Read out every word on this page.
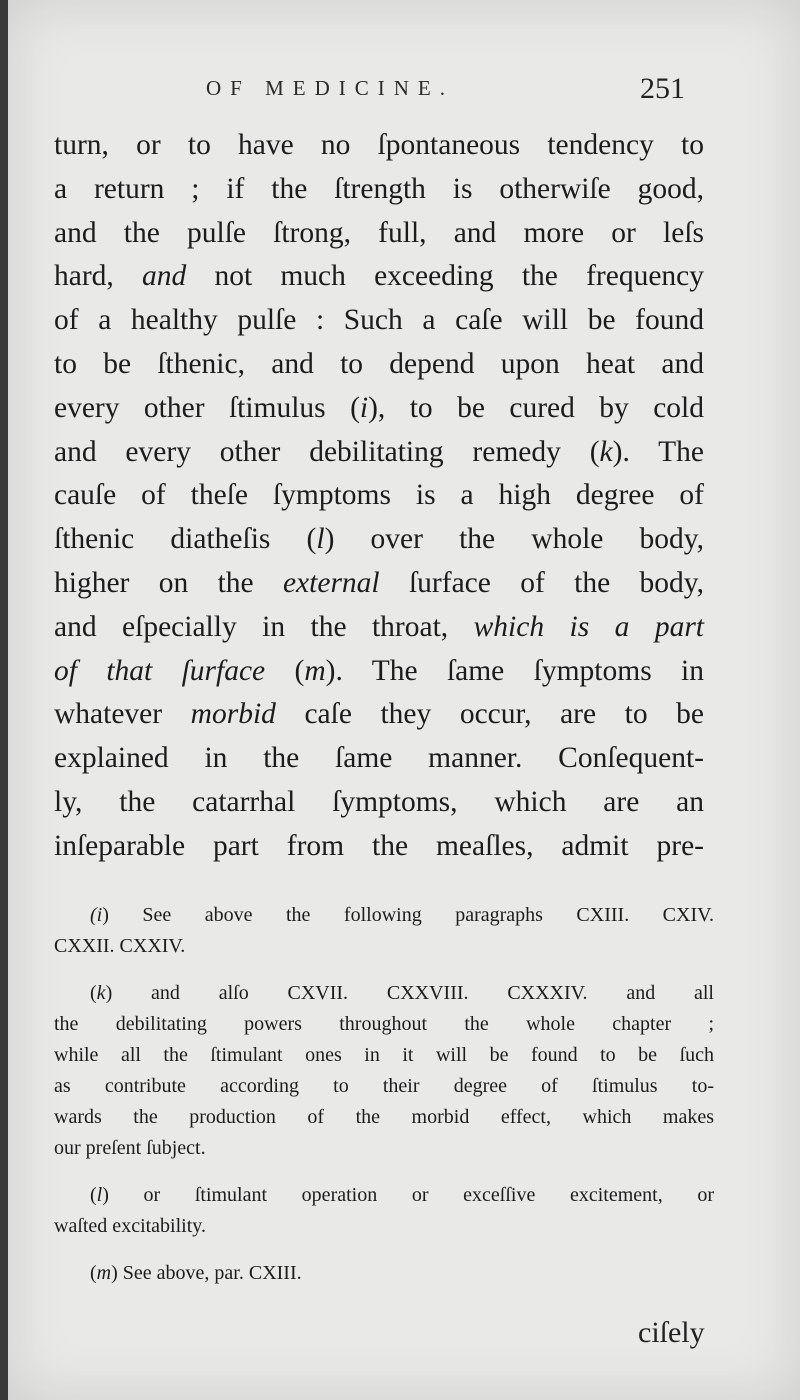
OF MEDICINE.	251
turn, or to have no ſpontaneous tendency to
a return ; if the ſtrength is otherwiſe good,
and the pulſe ſtrong, full, and more or leſs
hard, and not much exceeding the frequency
of a healthy pulſe : Such a caſe will be found
to be ſthenic, and to depend upon heat and
every other ſtimulus (i), to be cured by cold
and every other debilitating remedy (k). The
cauſe of theſe ſymptoms is a high degree of
ſthenic diatheſis (l) over the whole body,
higher on the external ſurface of the body,
and eſpecially in the throat, which is a part
of that ſurface (m). The ſame ſymptoms in
whatever morbid caſe they occur, are to be
explained in the ſame manner. Conſequent-
ly, the catarrhal ſymptoms, which are an
inſeparable part from the meaſles, admit pre-
(i) See above the following paragraphs CXIII. CXIV.
CXXII. CXXIV.
(k) and alſo CXVII. CXXVIII. CXXXIV. and all
the debilitating powers throughout the whole chapter ;
while all the ſtimulant ones in it will be found to be ſuch
as contribute according to their degree of ſtimulus to-
wards the production of the morbid effect, which makes
our preſent ſubject.
(l) or ſtimulant operation or exceſſive excitement, or
waſted excitability.
(m) See above, par. CXIII.
ciſely
